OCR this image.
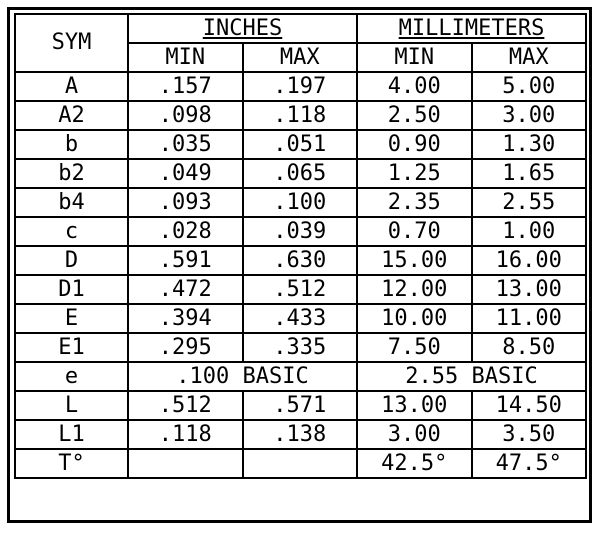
SYM	INCHES		MILLIMETERS	
	MIN	MAX	MIN	MAX
A	.157	.197	4.00	5.00
A2	.098	.118	2.50	3.00
b	.035	.051	0.90	1.30
b2	.049	.065	1.25	1.65
b4	.093	.100	2.35	2.55
c	.028	.039	0.70	1.00
D	.591	.630	15.00	16.00
D1	.472	.512	12.00	13.00
E	.394	.433	10.00	11.00
E1	.295	.335	7.50	8.50
e	.100 BASIC		2.55 BASIC	
L	.512	.571	13.00	14.50
L1	.118	.138	3.00	3.50
T°			42.5°	47.5°
